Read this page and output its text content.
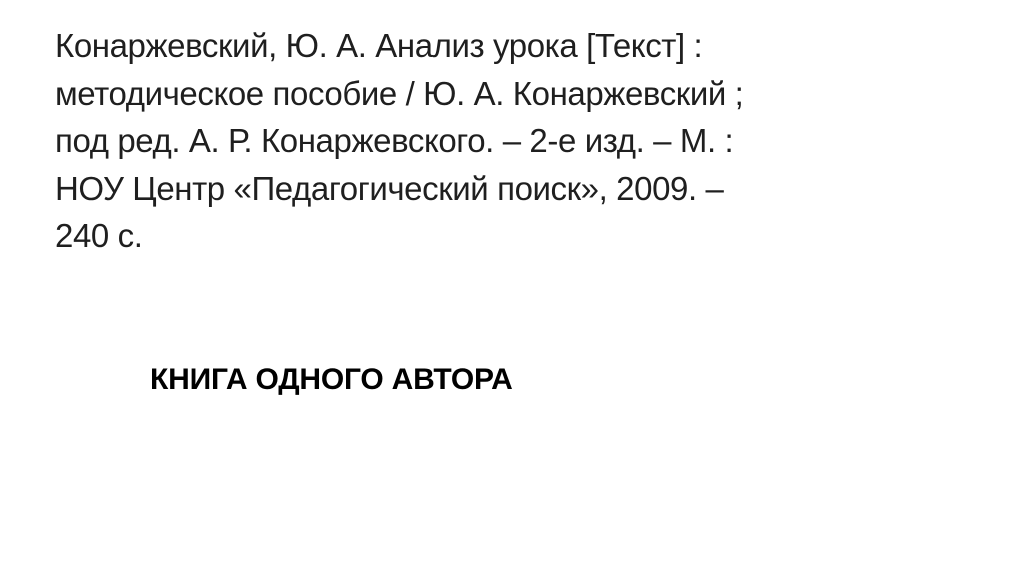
Конаржевский, Ю. А. Анализ урока [Текст] :
методическое пособие / Ю. А. Конаржевский ;
под ред. А. Р. Конаржевского. – 2-е изд. – М. :
НОУ Центр «Педагогический поиск», 2009. –
240 с.
КНИГА ОДНОГО АВТОРА
